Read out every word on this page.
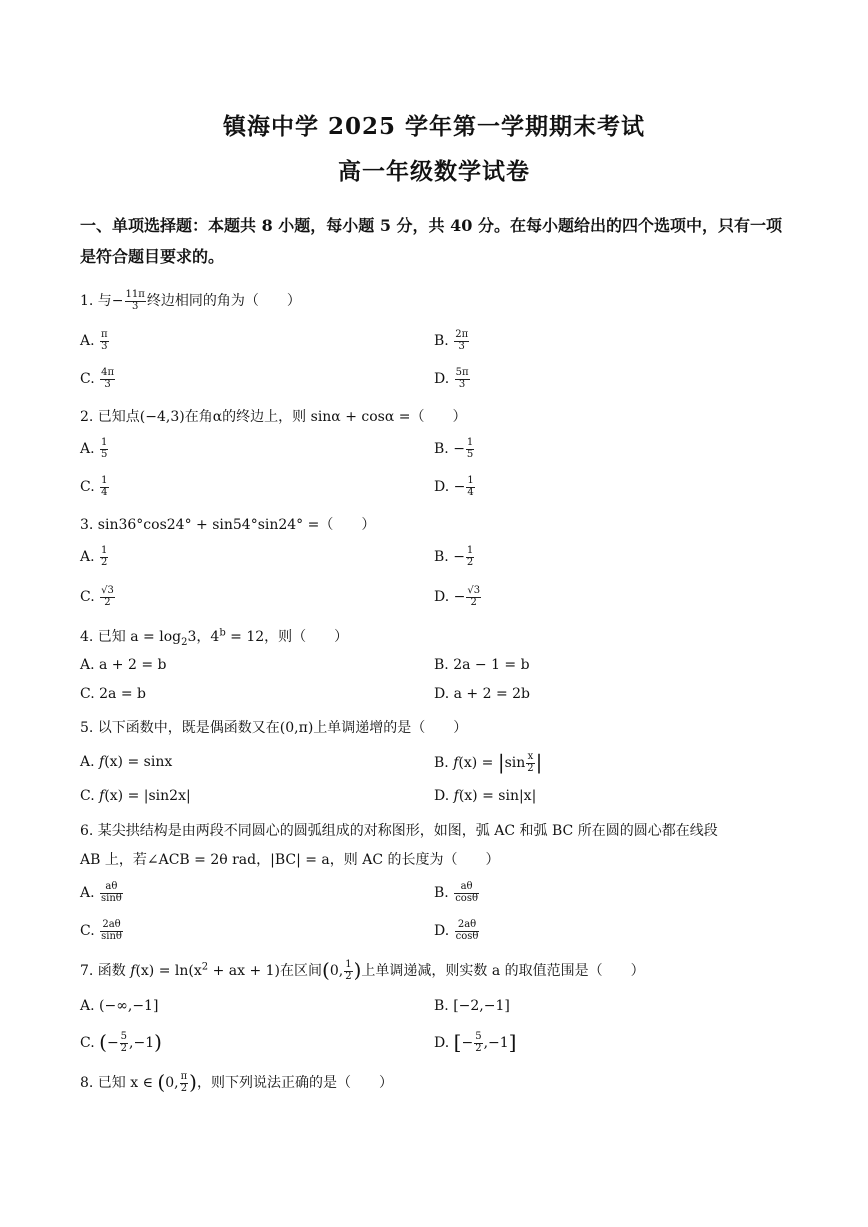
镇海中学 2025 学年第一学期期末考试
高一年级数学试卷
一、单项选择题：本题共 8 小题，每小题 5 分，共 40 分。在每小题给出的四个选项中，只有一项是符合题目要求的。
1. 与− $\frac{11\pi}{3}$ 终边相同的角为（　　）
A. $\frac{\pi}{3}$	B. $\frac{2\pi}{3}$
C. $\frac{4\pi}{3}$	D. $\frac{5\pi}{3}$
2. 已知点(−4,3)在角α的终边上，则 sinα + cosα =（　　）
A. $\frac{1}{5}$	B. − $\frac{1}{5}$
C. $\frac{1}{4}$	D. − $\frac{1}{4}$
3. sin36°cos24° + sin54°sin24° =（　　）
A. $\frac{1}{2}$	B. − $\frac{1}{2}$
C. $\frac{√3}{2}$	D. − $\frac{√3}{2}$
4. 已知 $a = \log_23$，$4^b = 12$，则（　　）
A. a + 2 = b	B. 2a − 1 = b
C. 2a = b	D. a + 2 = 2b
5. 以下函数中，既是偶函数又在(0,π)上单调递增的是（　　）
A. f(x) = sinx	B. $f(x) = |\sin \frac{x}{2}$ |
C. f(x) = |sin2x|	D. f(x) = sin|x|
6. 某尖拱结构是由两段不同圆心的圆弧组成的对称图形，如图，弧 AC 和弧 BC 所在圆的圆心都在线段
AB 上，若∠ACB = 2θ rad，|BC| = a，则 AC 的长度为（　　）
A. $\frac{a\theta}{\sin\theta}$	B. $\frac{a\theta}{\cos\theta}$
C. $\frac{2a\theta}{\sin\theta}$	D. $\frac{2a\theta}{\cos\theta}$
7. 函数 $f(x) = \ln(x^2$ + ax + 1)在区间(0, $\frac{1}{2}$ )上单调递减，则实数 a 的取值范围是（　　）
A. (−∞,−1]	B. [−2,−1]
C. (− $\frac{5}{2} ,-1$)	D. [− $\frac{5}{2} ,-1$]
8. 已知 x ∈ (0, $\frac{\pi}{2}$ )，则下列说法正确的是（　　）
